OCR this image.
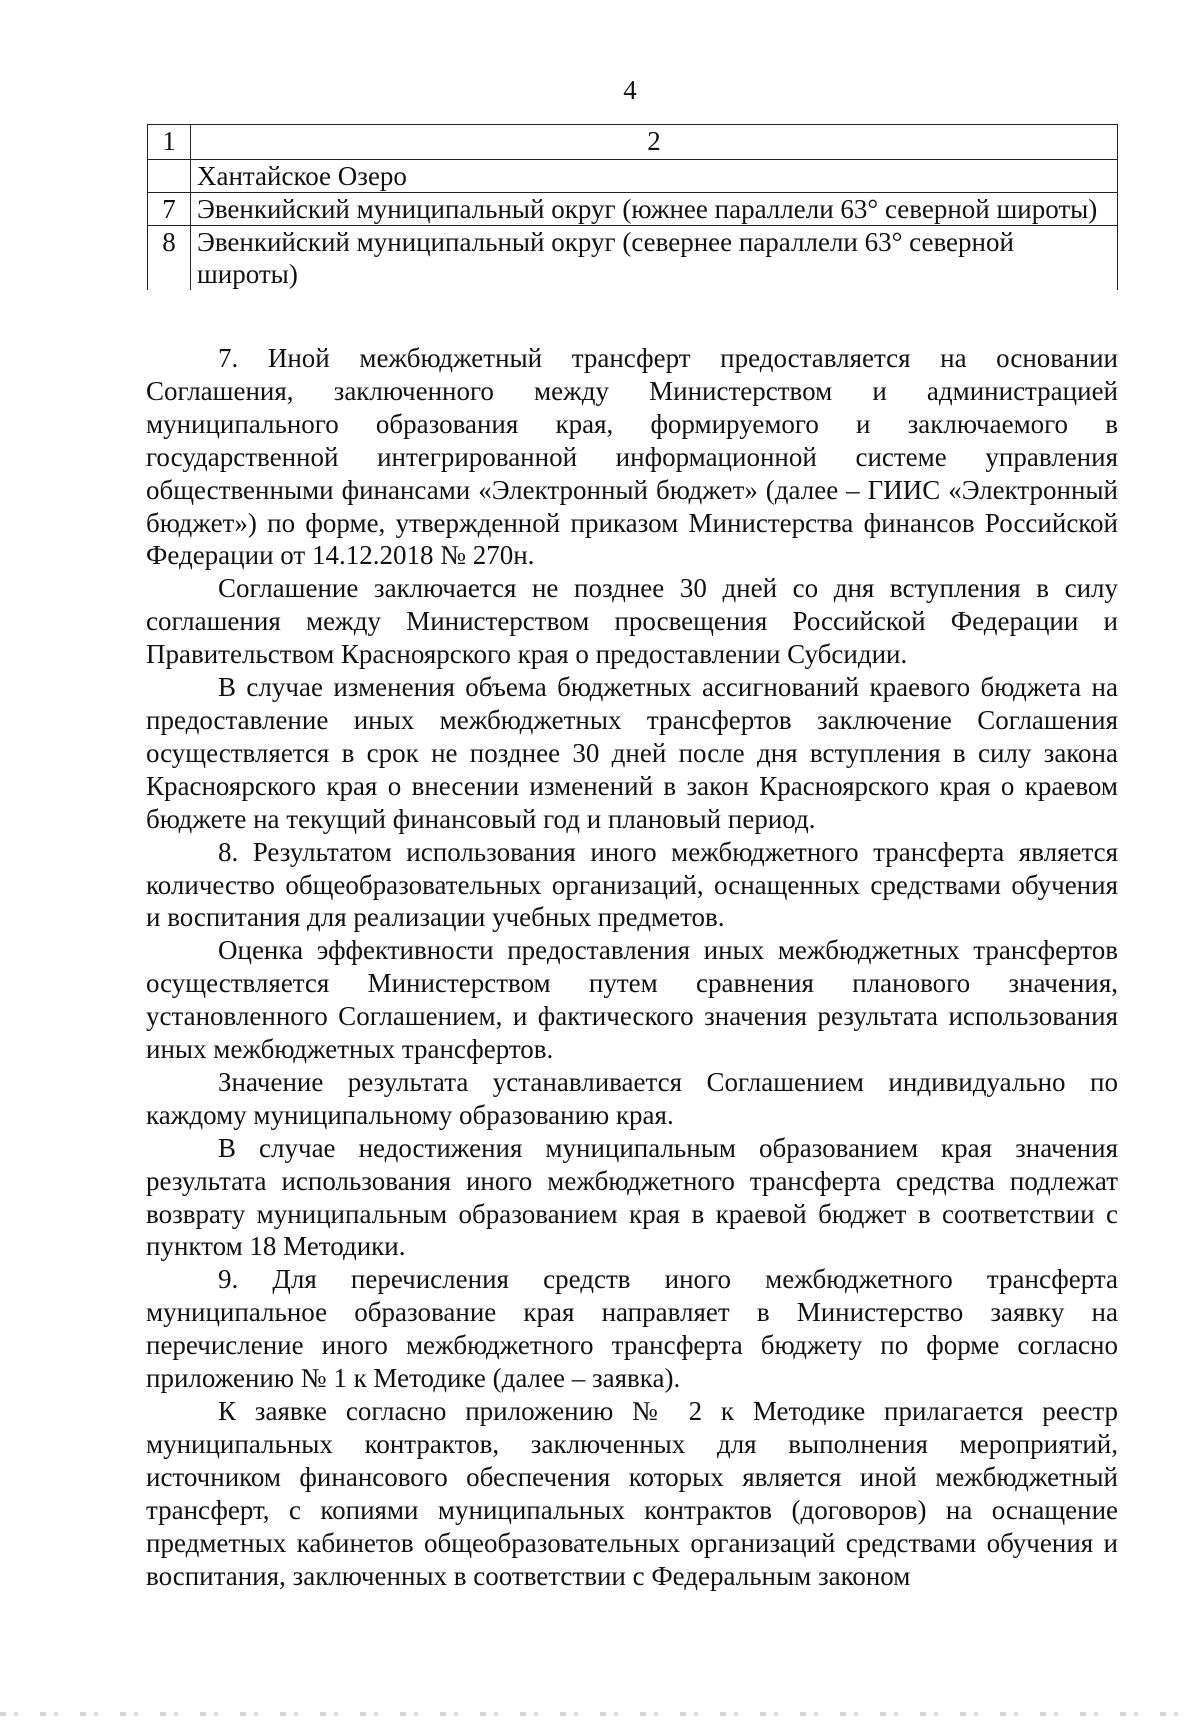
4
1	2
	Хантайское Озеро
7	Эвенкийский муниципальный округ (южнее параллели 63° северной широты)
8	Эвенкийский муниципальный округ (севернее параллели 63° северной широты)

7. Иной межбюджетный трансферт предоставляется на основании Соглашения, заключенного между Министерством и администрацией муниципального образования края, формируемого и заключаемого в государственной интегрированной информационной системе управления общественными финансами «Электронный бюджет» (далее – ГИИС «Электронный бюджет») по форме, утвержденной приказом Министерства финансов Российской Федерации от 14.12.2018 № 270н.

Соглашение заключается не позднее 30 дней со дня вступления в силу соглашения между Министерством просвещения Российской Федерации и Правительством Красноярского края о предоставлении Субсидии.

В случае изменения объема бюджетных ассигнований краевого бюджета на предоставление иных межбюджетных трансфертов заключение Соглашения осуществляется в срок не позднее 30 дней после дня вступления в силу закона Красноярского края о внесении изменений в закон Красноярского края о краевом бюджете на текущий финансовый год и плановый период.

8. Результатом использования иного межбюджетного трансферта является количество общеобразовательных организаций, оснащенных средствами обучения и воспитания для реализации учебных предметов.

Оценка эффективности предоставления иных межбюджетных трансфертов осуществляется Министерством путем сравнения планового значения, установленного Соглашением, и фактического значения результата использования иных межбюджетных трансфертов.

Значение результата устанавливается Соглашением индивидуально по каждому муниципальному образованию края.

В случае недостижения муниципальным образованием края значения результата использования иного межбюджетного трансферта средства подлежат возврату муниципальным образованием края в краевой бюджет в соответствии с пунктом 18 Методики.

9. Для перечисления средств иного межбюджетного трансферта муниципальное образование края направляет в Министерство заявку на перечисление иного межбюджетного трансферта бюджету по форме согласно приложению № 1 к Методике (далее – заявка).

К заявке согласно приложению № 2 к Методике прилагается реестр муниципальных контрактов, заключенных для выполнения мероприятий, источником финансового обеспечения которых является иной межбюджетный трансферт, с копиями муниципальных контрактов (договоров) на оснащение предметных кабинетов общеобразовательных организаций средствами обучения и воспитания, заключенных в соответствии с Федеральным законом
